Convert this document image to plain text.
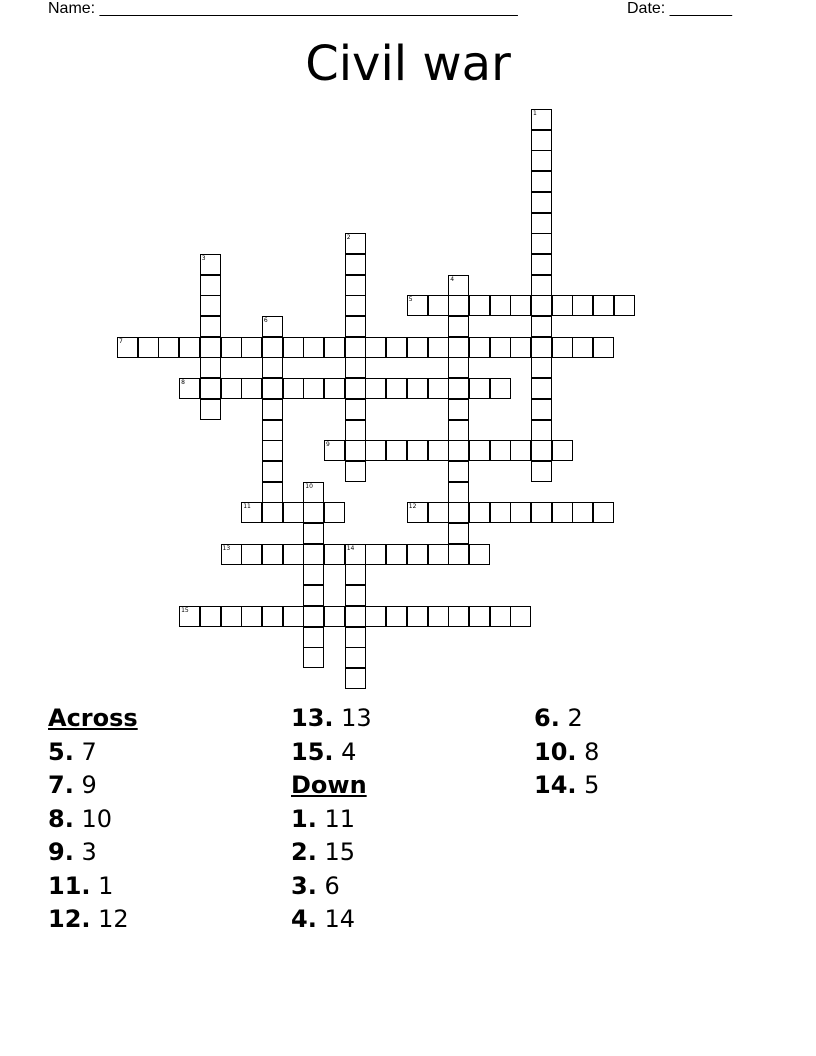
Name: _______________________________________________	Date: _______
Civil war
1
2
3
4
5
6
7
8
9
10
11	12
13	14
15
Across
5. 7
7. 9
8. 10
9. 3
11. 1
12. 12
13. 13
15. 4
Down
1. 11
2. 15
3. 6
4. 14
6. 2
10. 8
14. 5
